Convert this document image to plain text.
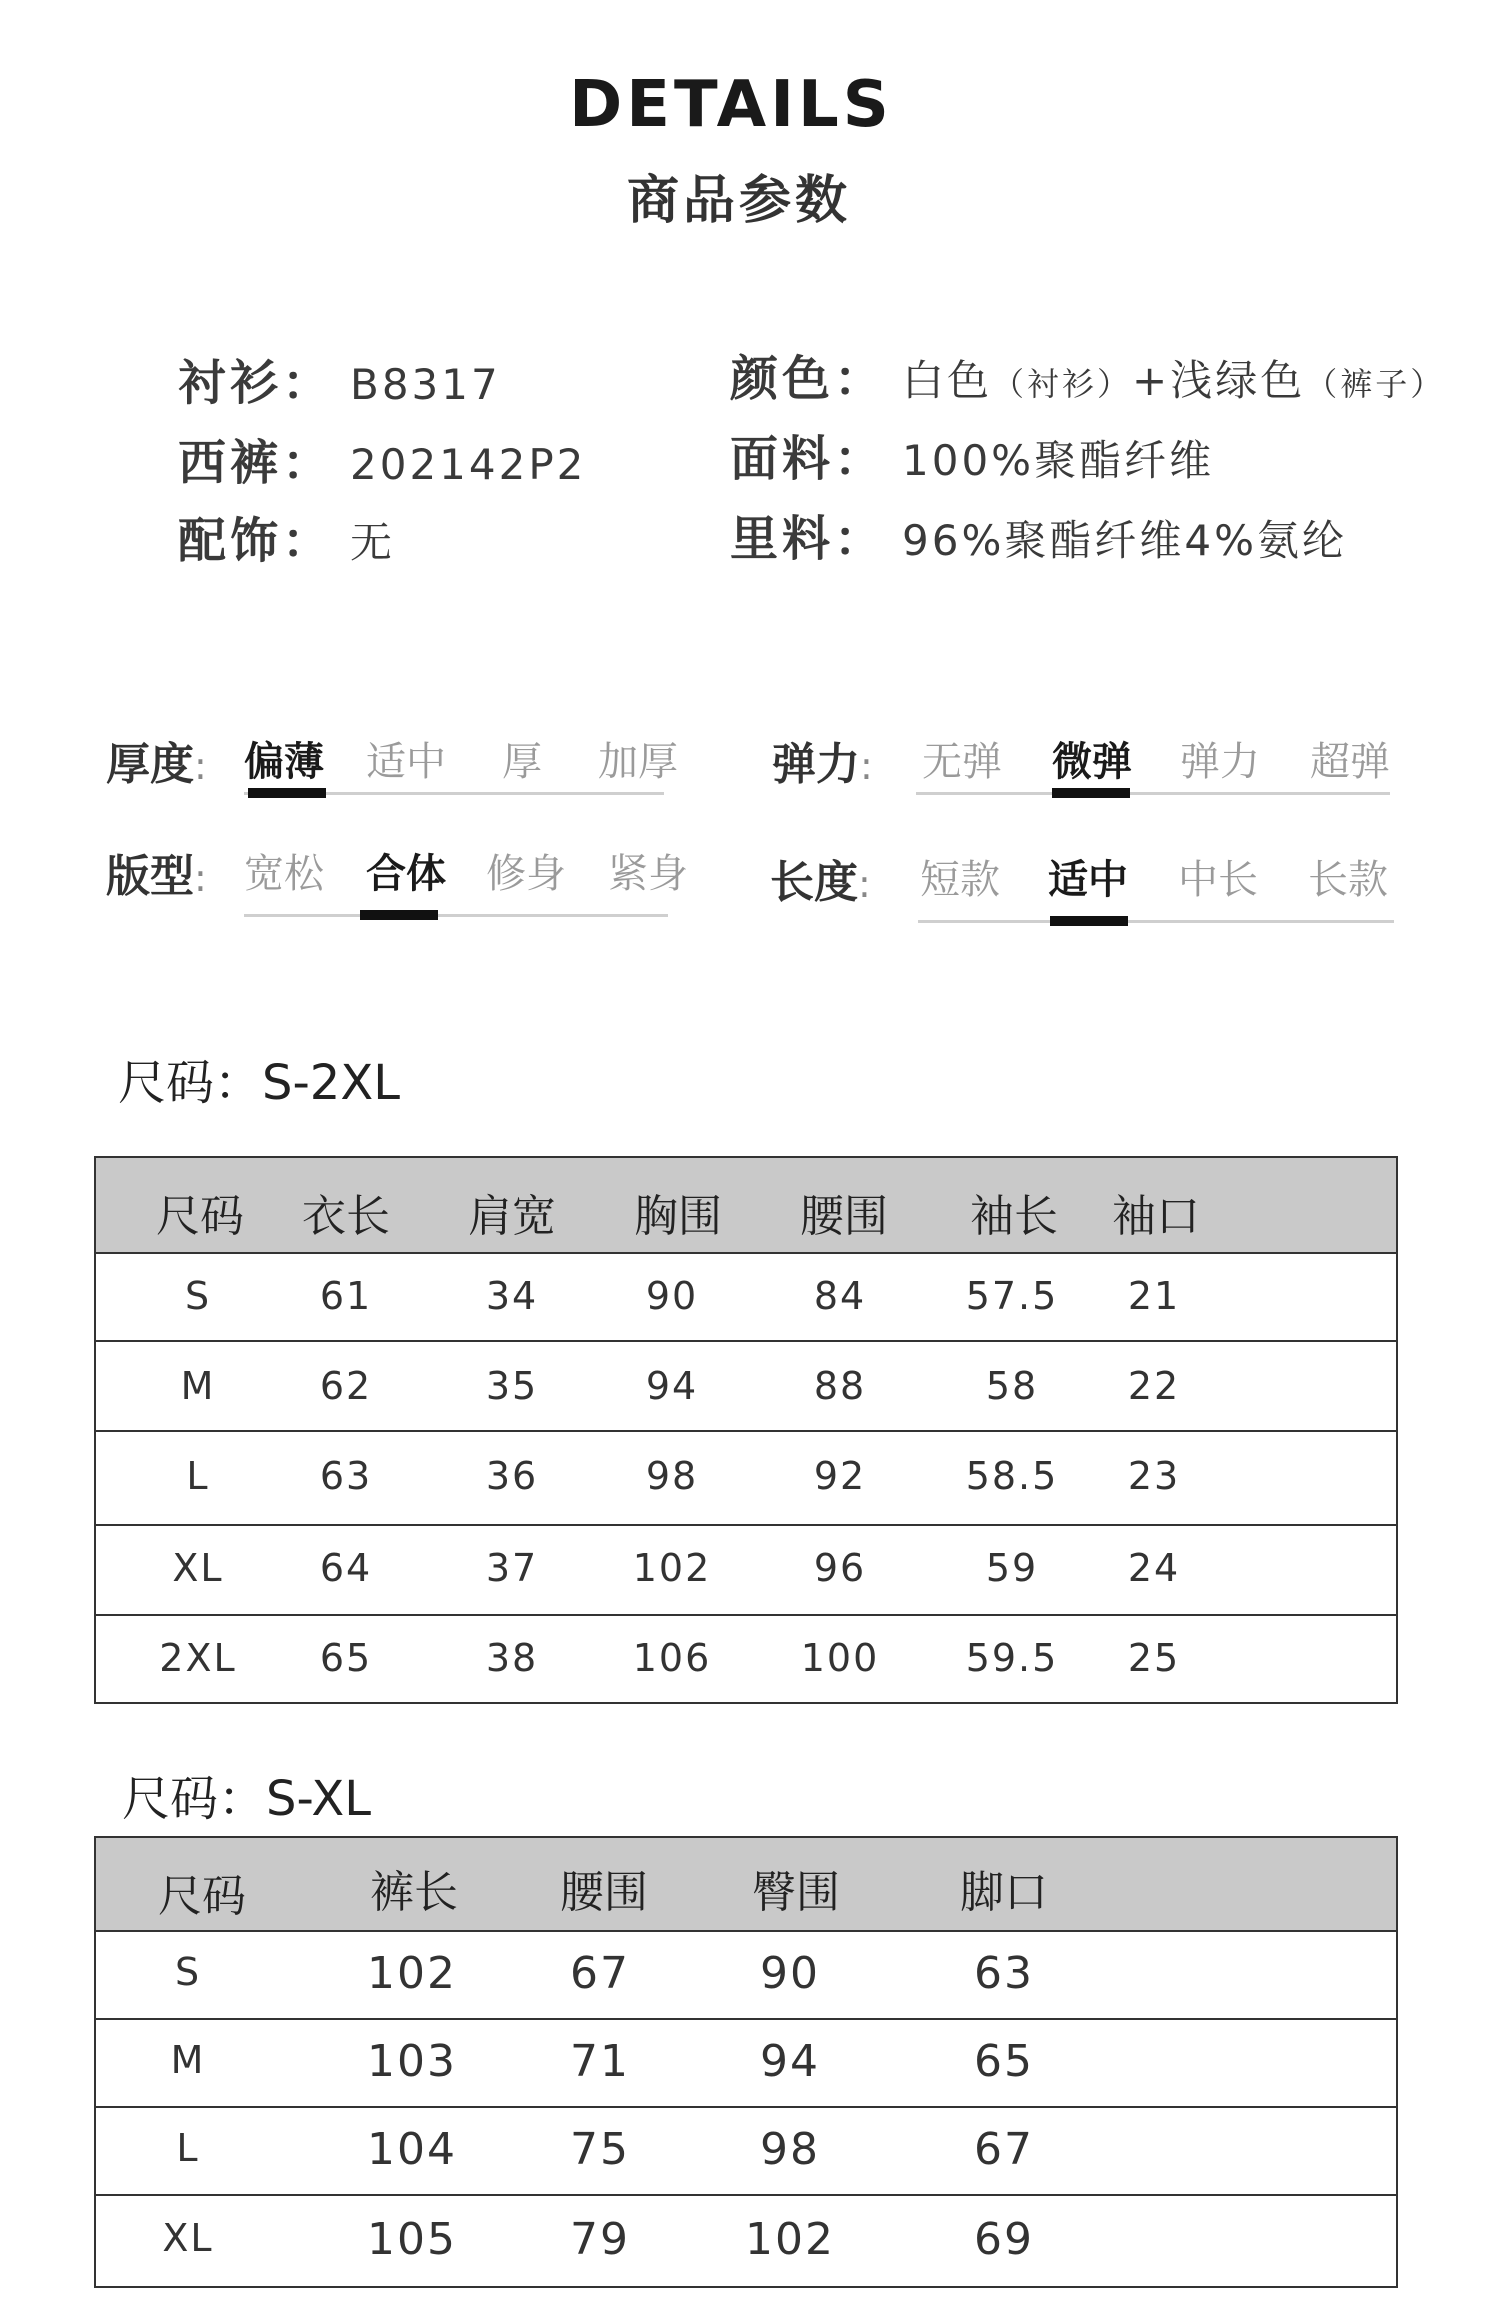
DETAILS
商品参数
衬衫： B8317
西裤： 202142P2
配饰： 无
颜色： 白色（衬衫）+浅绿色（裤子）
面料： 100%聚酯纤维
里料： 96%聚酯纤维4%氨纶
厚度: 偏薄 适中	厚	加厚 弹力: 无弹 微弹 弹力 超弹
版型: 宽松 合体 修身 紧身 长度: 短款 适中 中长 长款
尺码：S-2XL
尺码 衣长 肩宽 胸围 腰围 袖长 袖口
S	61	34	90	84	57.5 21
M	62	35	94	88	58 22
L	63	36	98	92	58.5 23
XL	64	37 102	96	59 24
2XL 65	38 106 100 59.5 25
尺码：S-XL
尺码	裤长 腰围 臀围	脚口
S	102	67	90	63
M	103	71	94	65
L	104	75	98	67
XL	105	79	102	69
